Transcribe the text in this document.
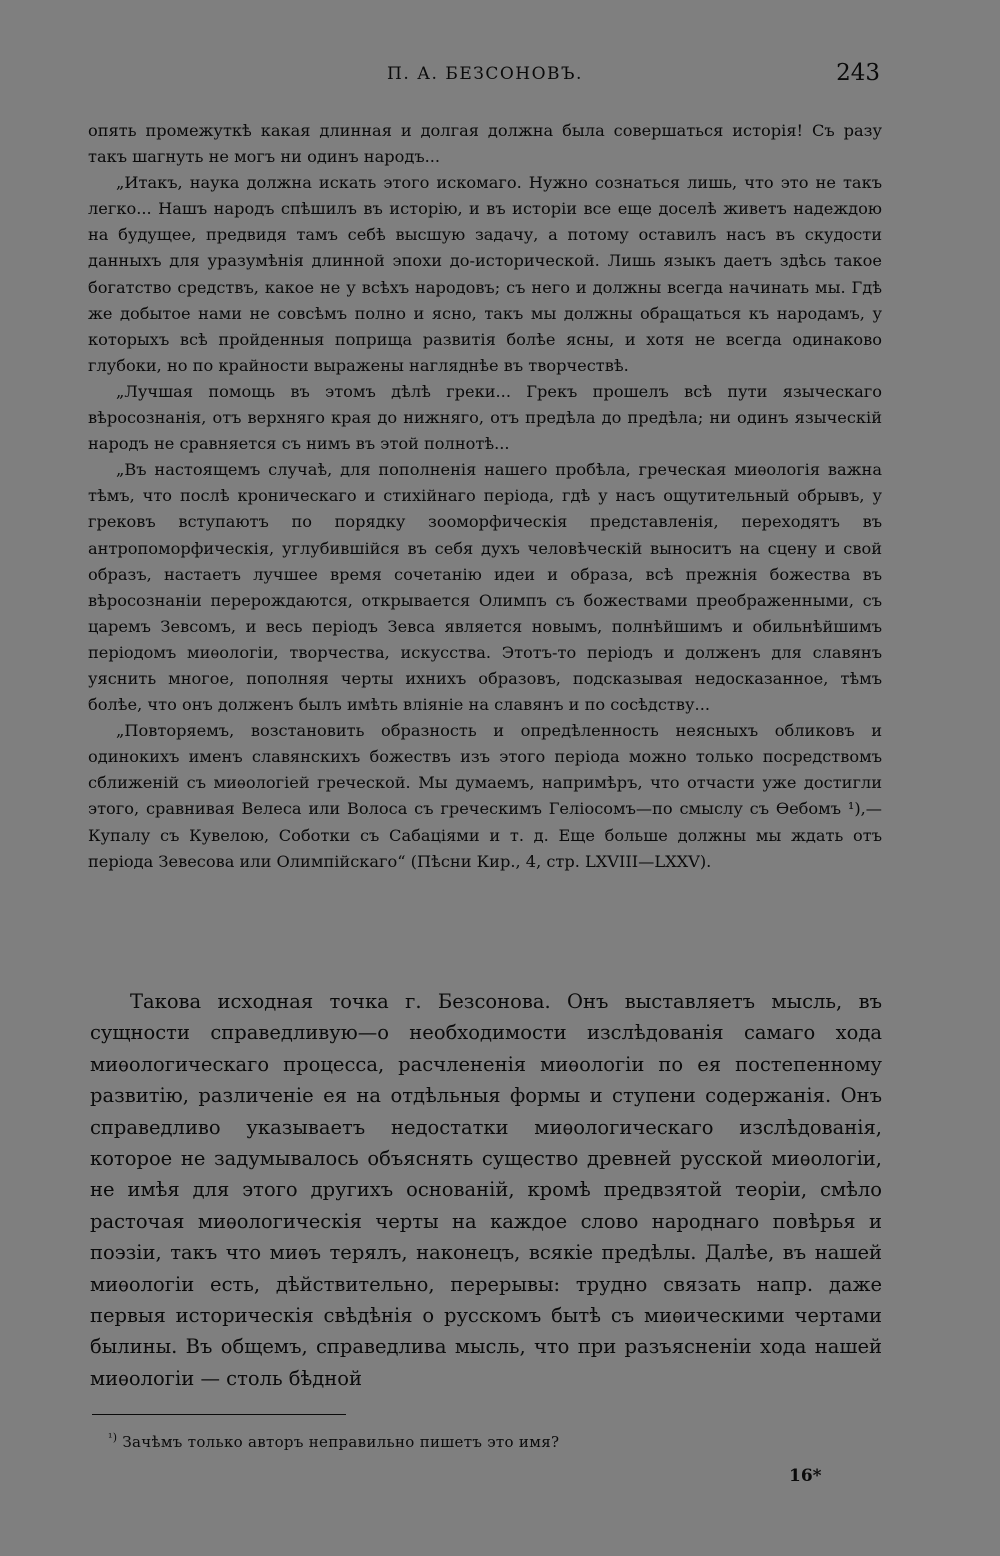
П. А. БЕЗСОНОВЪ.	243

опять промежуткѣ какая длинная и долгая должна была совершаться исторія! Съ разу такъ шагнуть не могъ ни одинъ народъ...

„Итакъ, наука должна искать этого искомаго. Нужно сознаться лишь, что это не такъ легко... Нашъ народъ спѣшилъ въ исторію, и въ исторіи все еще доселѣ живетъ надеждою на будущее, предвидя тамъ себѣ высшую задачу, а потому оставилъ насъ въ скудости данныхъ для уразумѣнія длинной эпохи до-исторической. Лишь языкъ даетъ здѣсь такое богатство средствъ, какое не у всѣхъ народовъ; съ него и должны всегда начинать мы. Гдѣ же добытое нами не совсѣмъ полно и ясно, такъ мы должны обращаться къ народамъ, у которыхъ всѣ пройденныя поприща развитія болѣе ясны, и хотя не всегда одинаково глубоки, но по крайности выражены нагляднѣе въ творчествѣ.

„Лучшая помощь въ этомъ дѣлѣ греки... Грекъ прошелъ всѣ пути языческаго вѣросознанія, отъ верхняго края до нижняго, отъ предѣла до предѣла; ни одинъ языческій народъ не сравняется съ нимъ въ этой полнотѣ...

„Въ настоящемъ случаѣ, для пополненія нашего пробѣла, греческая миѳологія важна тѣмъ, что послѣ кроническаго и стихійнаго періода, гдѣ у насъ ощутительный обрывъ, у грековъ вступаютъ по порядку зооморфическія представленія, переходятъ въ антропоморфическія, углубившійся въ себя духъ человѣческій выноситъ на сцену и свой образъ, настаетъ лучшее время сочетанію идеи и образа, всѣ прежнія божества въ вѣросознаніи перерождаются, открывается Олимпъ съ божествами преображенными, съ царемъ Зевсомъ, и весь періодъ Зевса является новымъ, полнѣйшимъ и обильнѣйшимъ періодомъ миѳологіи, творчества, искусства. Этотъ-то періодъ и долженъ для славянъ уяснить многое, пополняя черты ихнихъ образовъ, подсказывая недосказанное, тѣмъ болѣе, что онъ долженъ былъ имѣть вліяніе на славянъ и по сосѣдству...

„Повторяемъ, возстановить образность и опредѣленность неясныхъ обликовъ и одинокихъ именъ славянскихъ божествъ изъ этого періода можно только посредствомъ сближеній съ миѳологіей греческой. Мы думаемъ, напримѣръ, что отчасти уже достигли этого, сравнивая Велеса или Волоса съ греческимъ Геліосомъ—по смыслу съ Ѳебомъ ¹),—Купалу съ Кувелою, Соботки съ Сабаціями и т. д. Еще больше должны мы ждать отъ періода Зевесова или Олимпійскаго“ (Пѣсни Кир., 4, стр. LXVIII—LXXV).

Такова исходная точка г. Безсонова. Онъ выставляетъ мысль, въ сущности справедливую—о необходимости изслѣдованія самаго хода миѳологическаго процесса, расчлененія миѳологіи по ея постепенному развитію, различеніе ея на отдѣльныя формы и ступени содержанія. Онъ справедливо указываетъ недостатки миѳологическаго изслѣдованія, которое не задумывалось объяснять существо древней русской миѳологіи, не имѣя для этого другихъ основаній, кромѣ предвзятой теоріи, смѣло расточая миѳологическія черты на каждое слово народнаго повѣрья и поэзіи, такъ что миѳъ терялъ, наконецъ, всякіе предѣлы. Далѣе, въ нашей миѳологіи есть, дѣйствительно, перерывы: трудно связать напр. даже первыя историческія свѣдѣнія о русскомъ бытѣ съ миѳическими чертами былины. Въ общемъ, справедлива мысль, что при разъясненіи хода нашей миѳологіи — столь бѣдной

$^{^1)}$ Зачѣмъ только авторъ неправильно пишетъ это имя?
16*
